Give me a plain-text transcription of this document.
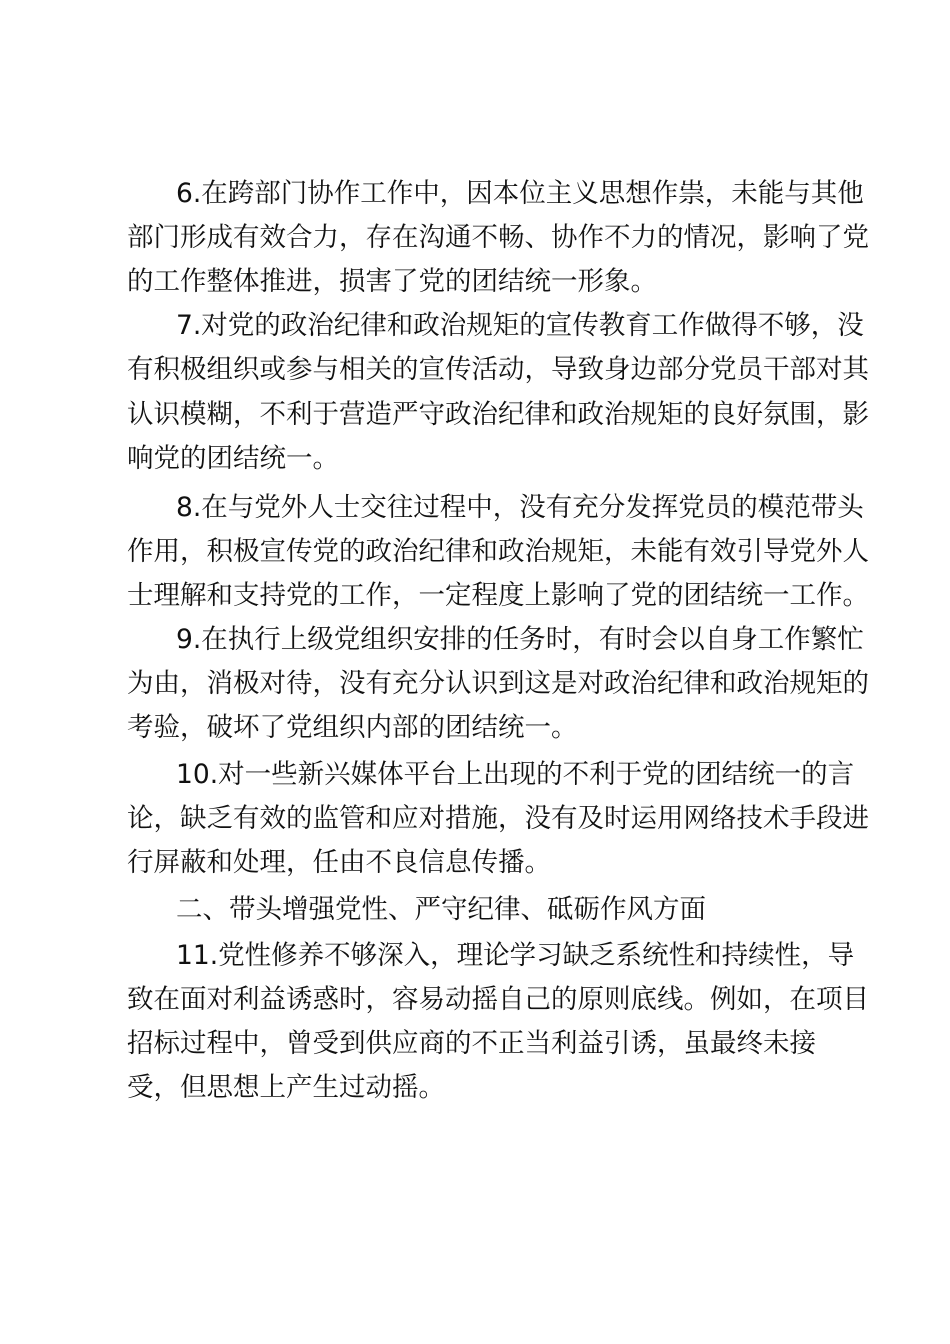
6.在跨部门协作工作中，因本位主义思想作祟，未能与其他
部门形成有效合力，存在沟通不畅、协作不力的情况，影响了党
的工作整体推进，损害了党的团结统一形象。
7.对党的政治纪律和政治规矩的宣传教育工作做得不够，没
有积极组织或参与相关的宣传活动，导致身边部分党员干部对其
认识模糊，不利于营造严守政治纪律和政治规矩的良好氛围，影
响党的团结统一。
8.在与党外人士交往过程中，没有充分发挥党员的模范带头
作用，积极宣传党的政治纪律和政治规矩，未能有效引导党外人
士理解和支持党的工作，一定程度上影响了党的团结统一工作。
9.在执行上级党组织安排的任务时，有时会以自身工作繁忙
为由，消极对待，没有充分认识到这是对政治纪律和政治规矩的
考验，破坏了党组织内部的团结统一。
10.对一些新兴媒体平台上出现的不利于党的团结统一的言
论，缺乏有效的监管和应对措施，没有及时运用网络技术手段进
行屏蔽和处理，任由不良信息传播。
二、带头增强党性、严守纪律、砥砺作风方面
11.党性修养不够深入，理论学习缺乏系统性和持续性，导
致在面对利益诱惑时，容易动摇自己的原则底线。例如，在项目
招标过程中，曾受到供应商的不正当利益引诱，虽最终未接
受，但思想上产生过动摇。
